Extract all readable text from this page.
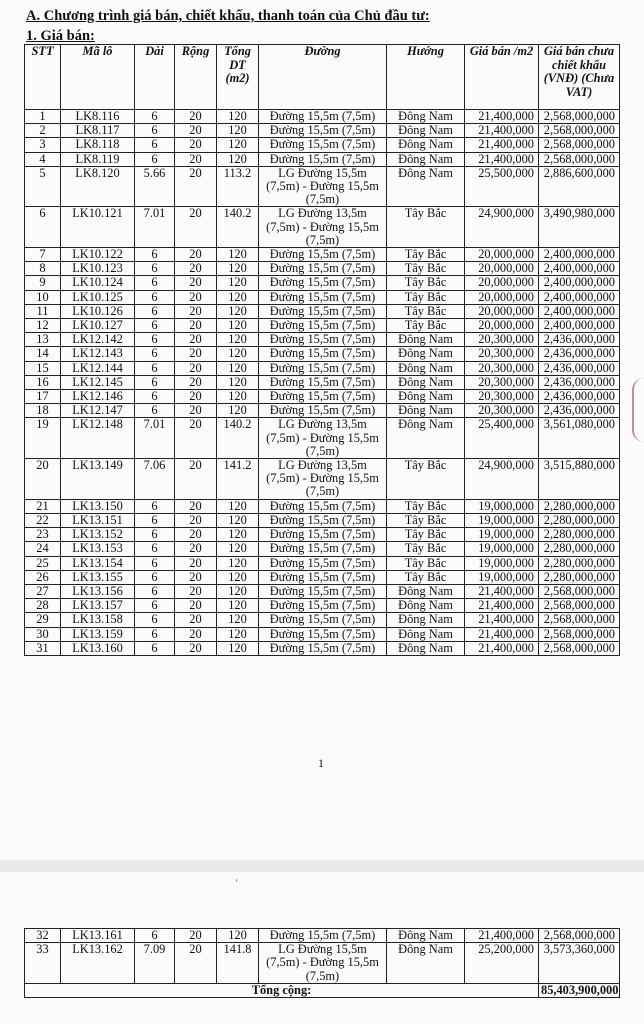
A. Chương trình giá bán, chiết khấu, thanh toán của Chủ đầu tư:
1. Giá bán:
STT	Mã lô	Dài	Rộng	Tổng DT (m2)	Đường	Hướng	Giá bán /m2	Giá bán chưa chiết khấu (VNĐ) (Chưa VAT)
1	LK8.116	6	20	120	Đường 15,5m (7,5m)	Đông Nam	21,400,000	2,568,000,000
2	LK8.117	6	20	120	Đường 15,5m (7,5m)	Đông Nam	21,400,000	2,568,000,000
3	LK8.118	6	20	120	Đường 15,5m (7,5m)	Đông Nam	21,400,000	2,568,000,000
4	LK8.119	6	20	120	Đường 15,5m (7,5m)	Đông Nam	21,400,000	2,568,000,000
5	LK8.120	5.66	20	113.2	LG Đường 15,5m (7,5m) - Đường 15,5m (7,5m)	Đông Nam	25,500,000	2,886,600,000
6	LK10.121	7.01	20	140.2	LG Đường 13,5m (7,5m) - Đường 15,5m (7,5m)	Tây Bắc	24,900,000	3,490,980,000
7	LK10.122	6	20	120	Đường 15,5m (7,5m)	Tây Bắc	20,000,000	2,400,000,000
8	LK10.123	6	20	120	Đường 15,5m (7,5m)	Tây Bắc	20,000,000	2,400,000,000
9	LK10.124	6	20	120	Đường 15,5m (7,5m)	Tây Bắc	20,000,000	2,400,000,000
10	LK10.125	6	20	120	Đường 15,5m (7,5m)	Tây Bắc	20,000,000	2,400,000,000
11	LK10.126	6	20	120	Đường 15,5m (7,5m)	Tây Bắc	20,000,000	2,400,000,000
12	LK10.127	6	20	120	Đường 15,5m (7,5m)	Tây Bắc	20,000,000	2,400,000,000
13	LK12.142	6	20	120	Đường 15,5m (7,5m)	Đông Nam	20,300,000	2,436,000,000
14	LK12.143	6	20	120	Đường 15,5m (7,5m)	Đông Nam	20,300,000	2,436,000,000
15	LK12.144	6	20	120	Đường 15,5m (7,5m)	Đông Nam	20,300,000	2,436,000,000
16	LK12.145	6	20	120	Đường 15,5m (7,5m)	Đông Nam	20,300,000	2,436,000,000
17	LK12.146	6	20	120	Đường 15,5m (7,5m)	Đông Nam	20,300,000	2,436,000,000
18	LK12.147	6	20	120	Đường 15,5m (7,5m)	Đông Nam	20,300,000	2,436,000,000
19	LK12.148	7.01	20	140.2	LG Đường 13,5m (7,5m) - Đường 15,5m (7,5m)	Đông Nam	25,400,000	3,561,080,000
20	LK13.149	7.06	20	141.2	LG Đường 13,5m (7,5m) - Đường 15,5m (7,5m)	Tây Bắc	24,900,000	3,515,880,000
21	LK13.150	6	20	120	Đường 15,5m (7,5m)	Tây Bắc	19,000,000	2,280,000,000
22	LK13.151	6	20	120	Đường 15,5m (7,5m)	Tây Bắc	19,000,000	2,280,000,000
23	LK13.152	6	20	120	Đường 15,5m (7,5m)	Tây Bắc	19,000,000	2,280,000,000
24	LK13.153	6	20	120	Đường 15,5m (7,5m)	Tây Bắc	19,000,000	2,280,000,000
25	LK13.154	6	20	120	Đường 15,5m (7,5m)	Tây Bắc	19,000,000	2,280,000,000
26	LK13.155	6	20	120	Đường 15,5m (7,5m)	Tây Bắc	19,000,000	2,280,000,000
27	LK13.156	6	20	120	Đường 15,5m (7,5m)	Đông Nam	21,400,000	2,568,000,000
28	LK13.157	6	20	120	Đường 15,5m (7,5m)	Đông Nam	21,400,000	2,568,000,000
29	LK13.158	6	20	120	Đường 15,5m (7,5m)	Đông Nam	21,400,000	2,568,000,000
30	LK13.159	6	20	120	Đường 15,5m (7,5m)	Đông Nam	21,400,000	2,568,000,000
31	LK13.160	6	20	120	Đường 15,5m (7,5m)	Đông Nam	21,400,000	2,568,000,000
1
'
32	LK13.161	6	20	120	Đường 15,5m (7,5m)	Đông Nam	21,400,000	2,568,000,000
33	LK13.162	7.09	20	141.8	LG Đường 15,5m (7,5m) - Đường 15,5m (7,5m)	Đông Nam	25,200,000	3,573,360,000
Tổng cộng:								85,403,900,000
